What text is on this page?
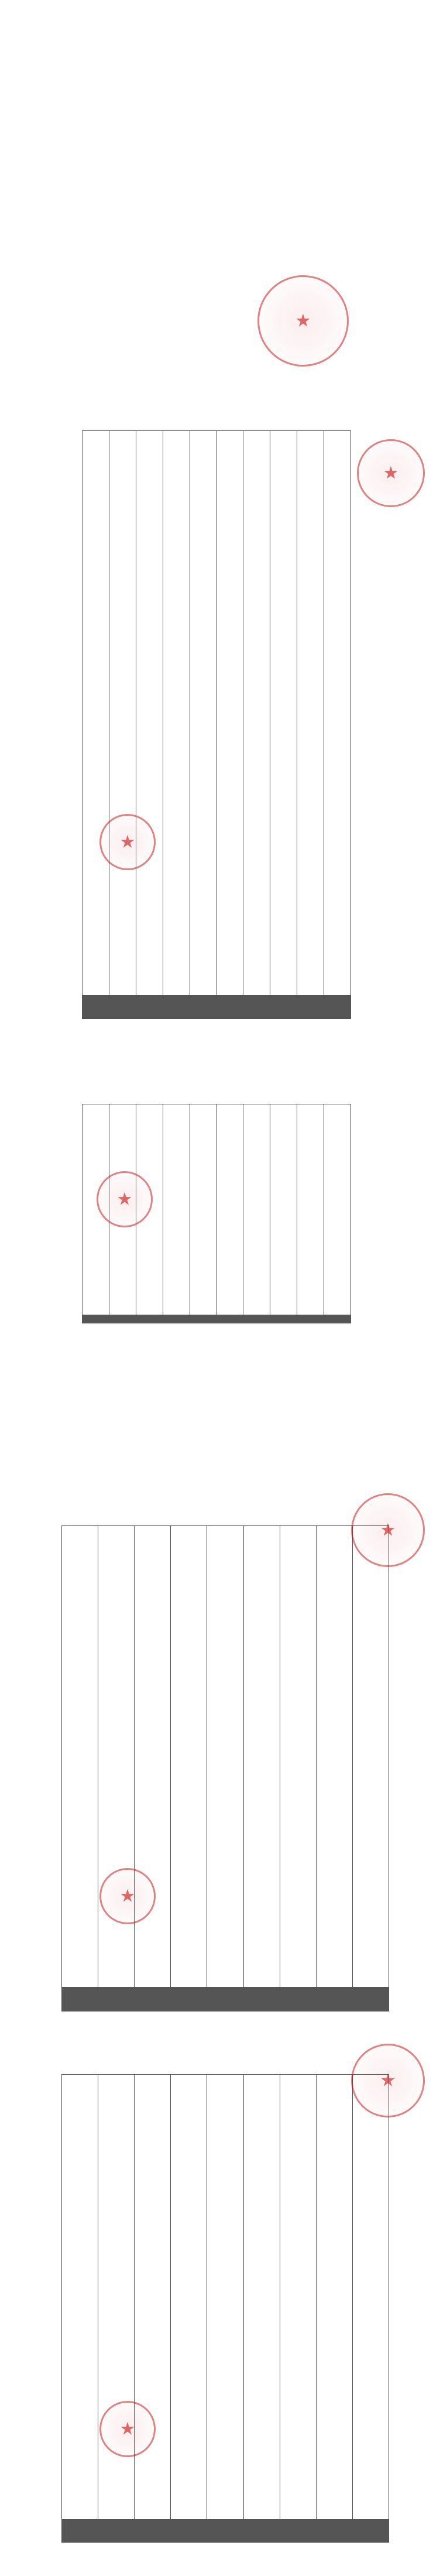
★

★
★

★

★
★

★
★
